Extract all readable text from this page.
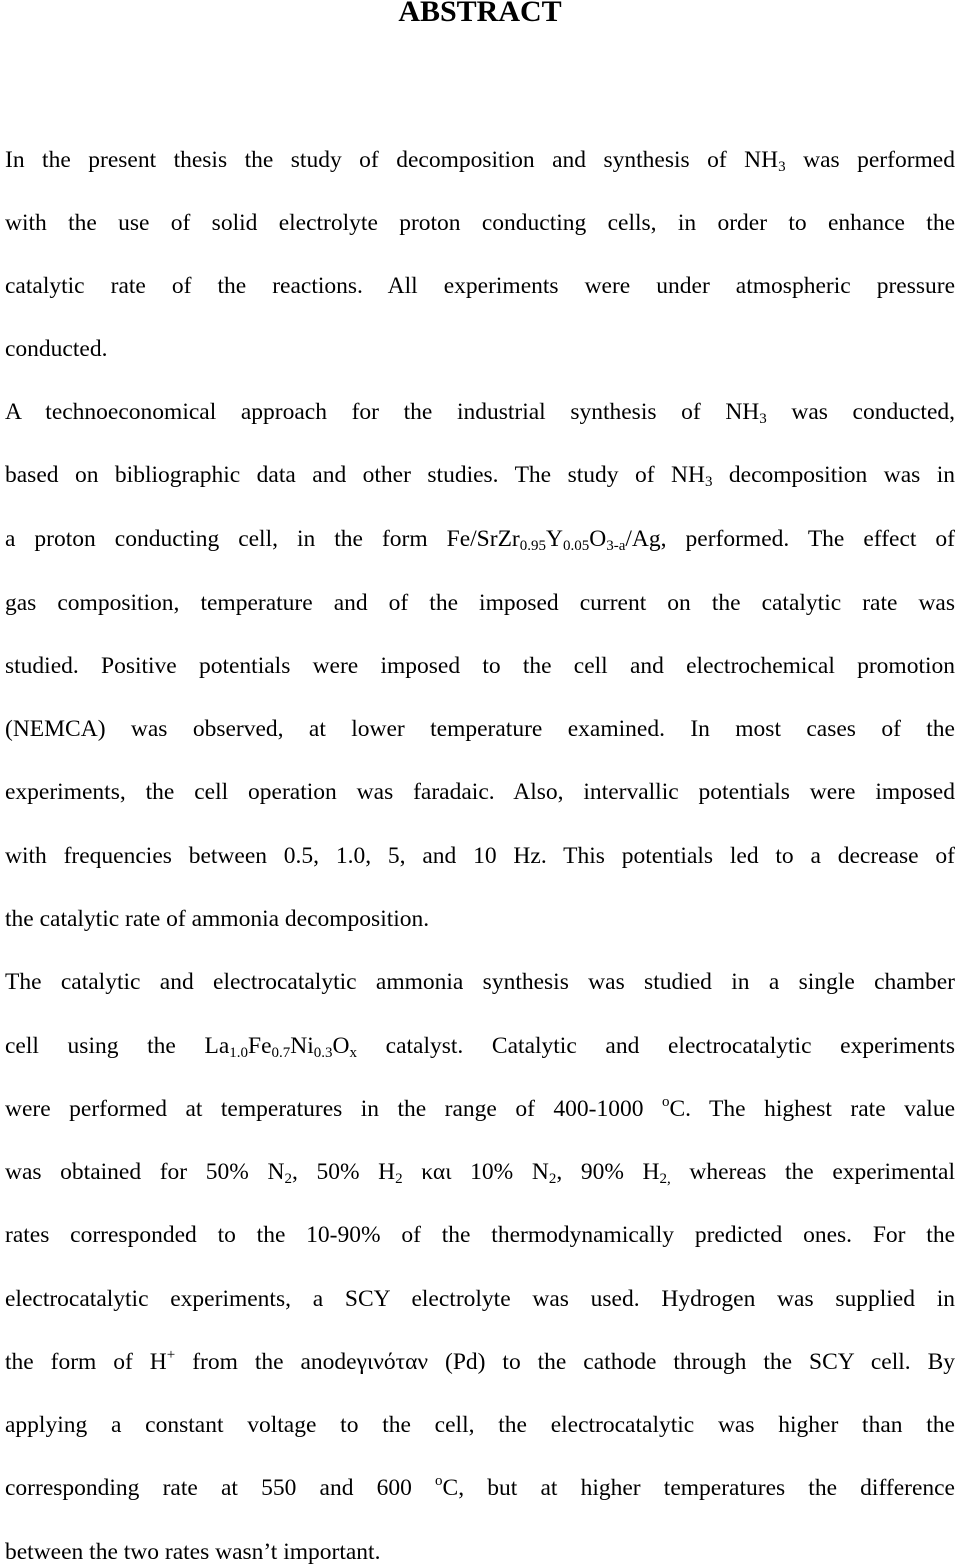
ABSTRACT
In the present thesis the study of decomposition and synthesis of $NH_3$ was performed
with the use of solid electrolyte proton conducting cells, in order to enhance the
catalytic rate of the reactions. All experiments were under atmospheric pressure
conducted.
A technoeconomical approach for the industrial synthesis of $NH_3$ was conducted,
based on bibliographic data and other studies. The study of $NH_3$ decomposition was in
a proton conducting cell, in the form $Fe/SrZr_{0.95}Y_{0.05}O_{3-a}/Ag$, performed. The effect of
gas composition, temperature and of the imposed current on the catalytic rate was
studied. Positive potentials were imposed to the cell and electrochemical promotion
(NEMCA) was observed, at lower temperature examined. In most cases of the
experiments, the cell operation was faradaic. Also, intervallic potentials were imposed
with frequencies between 0.5, 1.0, 5, and 10 Hz. This potentials led to a decrease of
the catalytic rate of ammonia decomposition.
The catalytic and electrocatalytic ammonia synthesis was studied in a single chamber
cell using the $La_{1.0}Fe_{0.7}Ni_{0.3}O_x$ catalyst. Catalytic and electrocatalytic experiments
were performed at temperatures in the range of 400-1000 $^o$C. The highest rate value
was obtained for 50% $N_2$, 50% $H_2$ και 10% $N_2$, 90% $H_{2,}$ whereas the experimental
rates corresponded to the 10-90% of the thermodynamically predicted ones. For the
electrocatalytic experiments, a SCY electrolyte was used. Hydrogen was supplied in
the form of H+ from the anodeγινόταν (Pd) to the cathode through the SCY cell. By
applying a constant voltage to the cell, the electrocatalytic was higher than the
corresponding rate at 550 and 600 $^o$C, but at higher temperatures the difference
between the two rates wasn’t important.
